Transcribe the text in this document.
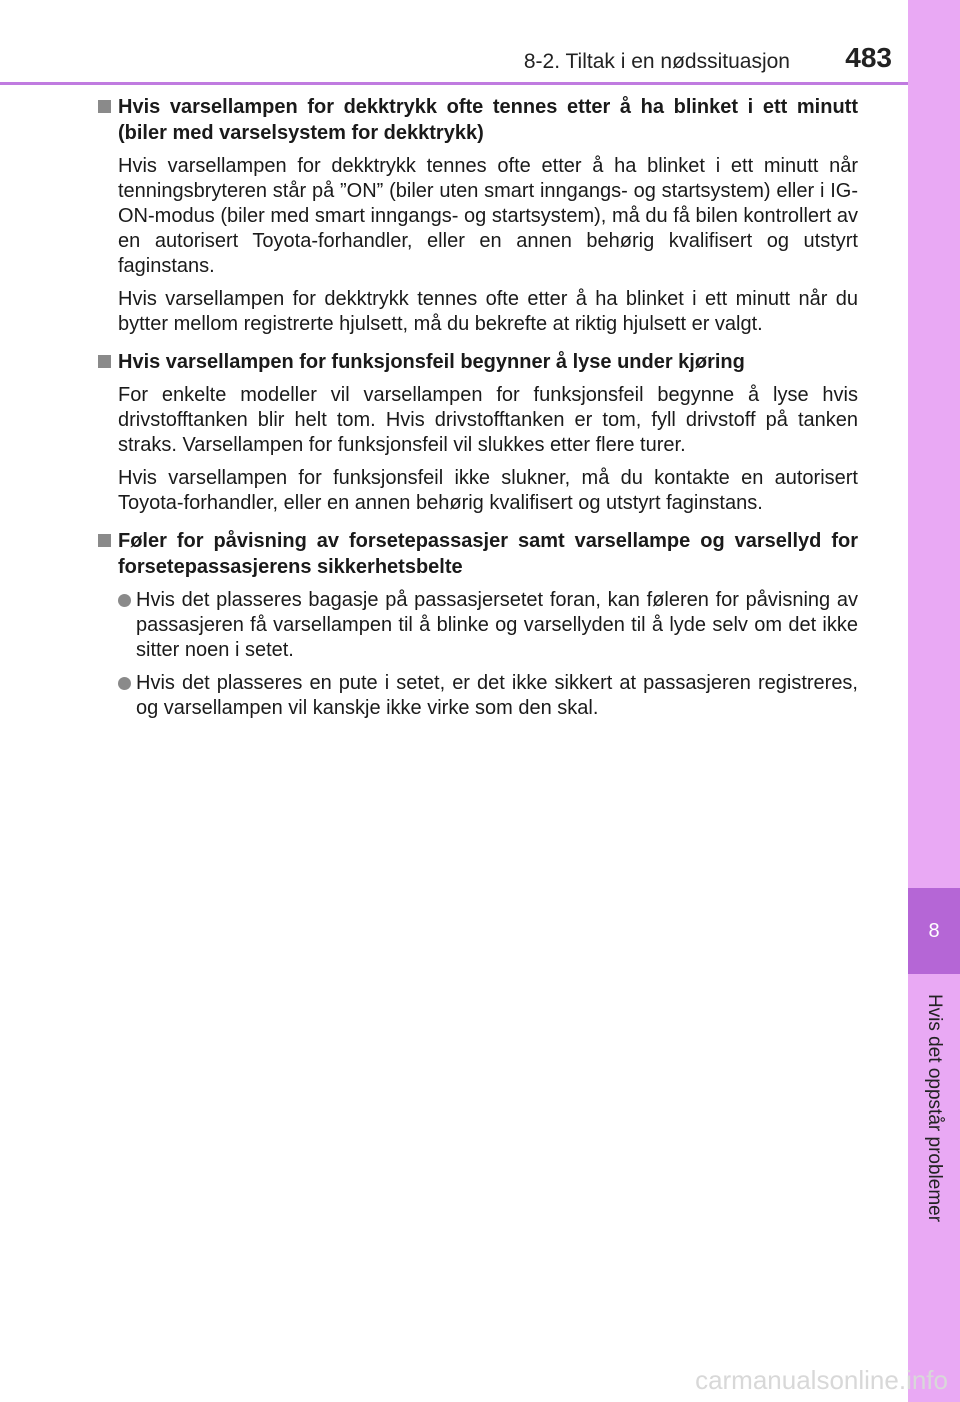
8-2. Tiltak i en nødssituasjon 483
8
Hvis det oppstår problemer
Hvis varsellampen for dekktrykk ofte tennes etter å ha blinket i ett minutt (biler med varselsystem for dekktrykk)
Hvis varsellampen for dekktrykk tennes ofte etter å ha blinket i ett minutt når tenningsbryteren står på ”ON” (biler uten smart inngangs- og startsystem) eller i IG-ON-modus (biler med smart inngangs- og startsystem), må du få bilen kontrollert av en autorisert Toyota-forhandler, eller en annen behørig kvalifisert og utstyrt faginstans.
Hvis varsellampen for dekktrykk tennes ofte etter å ha blinket i ett minutt når du bytter mellom registrerte hjulsett, må du bekrefte at riktig hjulsett er valgt.
Hvis varsellampen for funksjonsfeil begynner å lyse under kjøring
For enkelte modeller vil varsellampen for funksjonsfeil begynne å lyse hvis drivstofftanken blir helt tom. Hvis drivstofftanken er tom, fyll drivstoff på tanken straks. Varsellampen for funksjonsfeil vil slukkes etter flere turer.
Hvis varsellampen for funksjonsfeil ikke slukner, må du kontakte en autorisert Toyota-forhandler, eller en annen behørig kvalifisert og utstyrt faginstans.
Føler for påvisning av forsetepassasjer samt varsellampe og varsellyd for forsetepassasjerens sikkerhetsbelte
Hvis det plasseres bagasje på passasjersetet foran, kan føleren for påvisning av passasjeren få varsellampen til å blinke og varsellyden til å lyde selv om det ikke sitter noen i setet.
Hvis det plasseres en pute i setet, er det ikke sikkert at passasjeren registreres, og varsellampen vil kanskje ikke virke som den skal.
carmanualsonline.info
